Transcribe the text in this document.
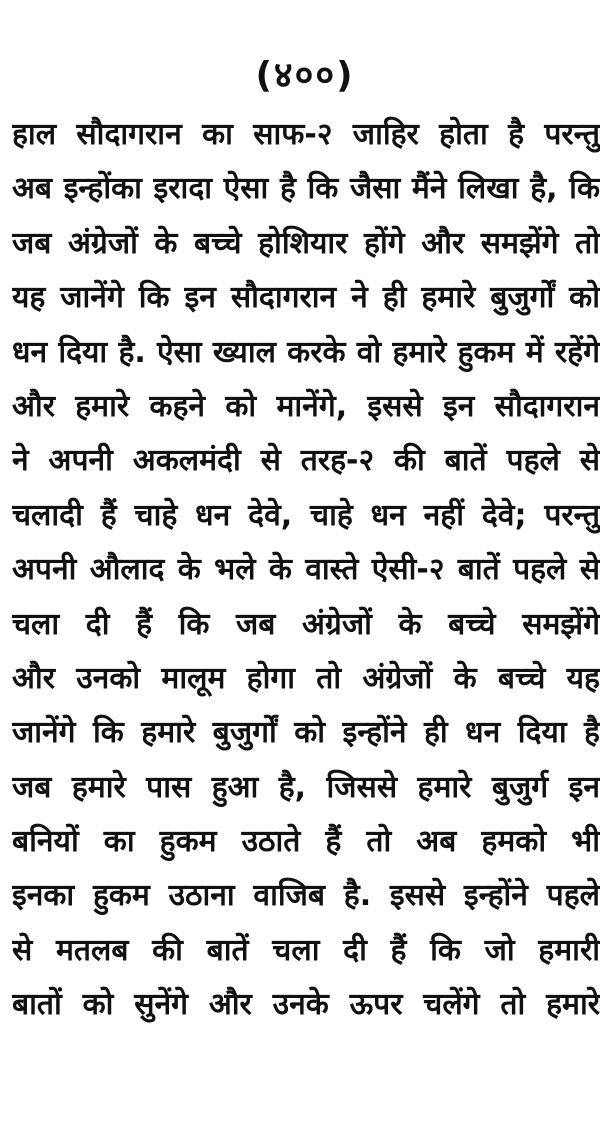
(४००)
हाल सौदागरान का साफ-२ जाहिर होता है परन्तु
अब इन्होंका इरादा ऐसा है कि जैसा मैंने लिखा है, कि
जब अंग्रेजों के बच्चे होशियार होंगे और समझेंगे तो
यह जानेंगे कि इन सौदागरान ने ही हमारे बुजुर्गों को
धन दिया है. ऐसा ख्याल करके वो हमारे हुकम में रहेंगे
और हमारे कहने को मानेंगे, इससे इन सौदागरान
ने अपनी अकलमंदी से तरह-२ की बातें पहले से
चलादी हैं चाहे धन देवे, चाहे धन नहीं देवे; परन्तु
अपनी औलाद के भले के वास्ते ऐसी-२ बातें पहले से
चला दी हैं कि जब अंग्रेजों के बच्चे समझेंगे
और उनको मालूम होगा तो अंग्रेजों के बच्चे यह
जानेंगे कि हमारे बुजुर्गों को इन्होंने ही धन दिया है
जब हमारे पास हुआ है, जिससे हमारे बुजुर्ग इन
बनियों का हुकम उठाते हैं तो अब हमको भी
इनका हुकम उठाना वाजिब है. इससे इन्होंने पहले
से मतलब की बातें चला दी हैं कि जो हमारी
बातों को सुनेंगे और उनके ऊपर चलेंगे तो हमारे
